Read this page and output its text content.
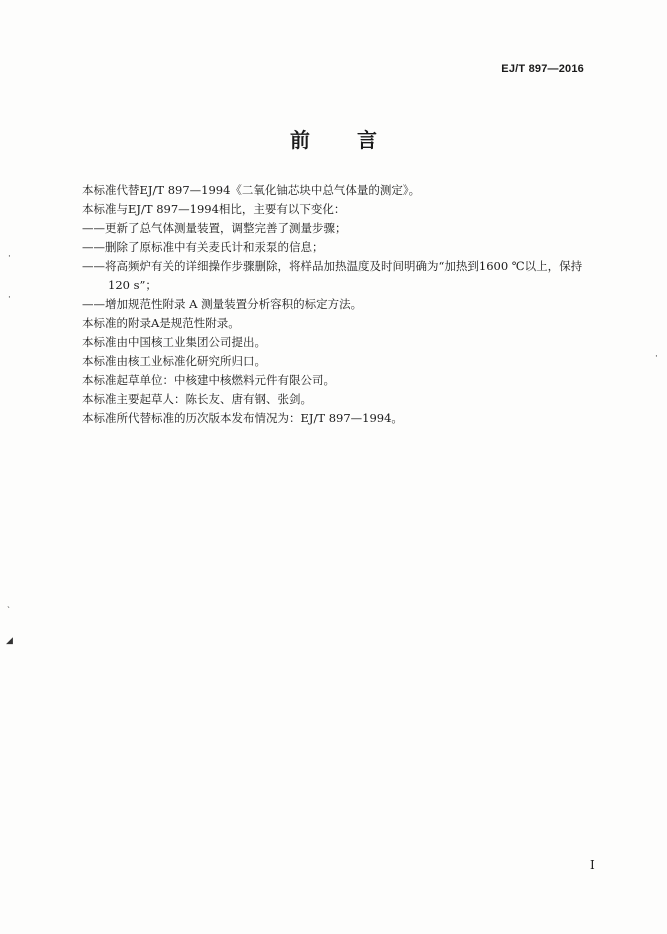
EJ/T 897—2016
前 言
本标准代替EJ/T 897—1994《二氧化铀芯块中总气体量的测定》。
本标准与EJ/T 897—1994相比，主要有以下变化：
——更新了总气体测量装置，调整完善了测量步骤；
——删除了原标准中有关麦氏计和汞泵的信息；
——将高频炉有关的详细操作步骤删除，将样品加热温度及时间明确为“加热到1600 ℃以上，保持
120 s”；
——增加规范性附录 A 测量装置分析容积的标定方法。
本标准的附录A是规范性附录。
本标准由中国核工业集团公司提出。
本标准由核工业标准化研究所归口。
本标准起草单位：中核建中核燃料元件有限公司。
本标准主要起草人：陈长友、唐有钢、张剑。
本标准所代替标准的历次版本发布情况为：EJ/T 897—1994。
·
·
ˏ
◢
·
I
